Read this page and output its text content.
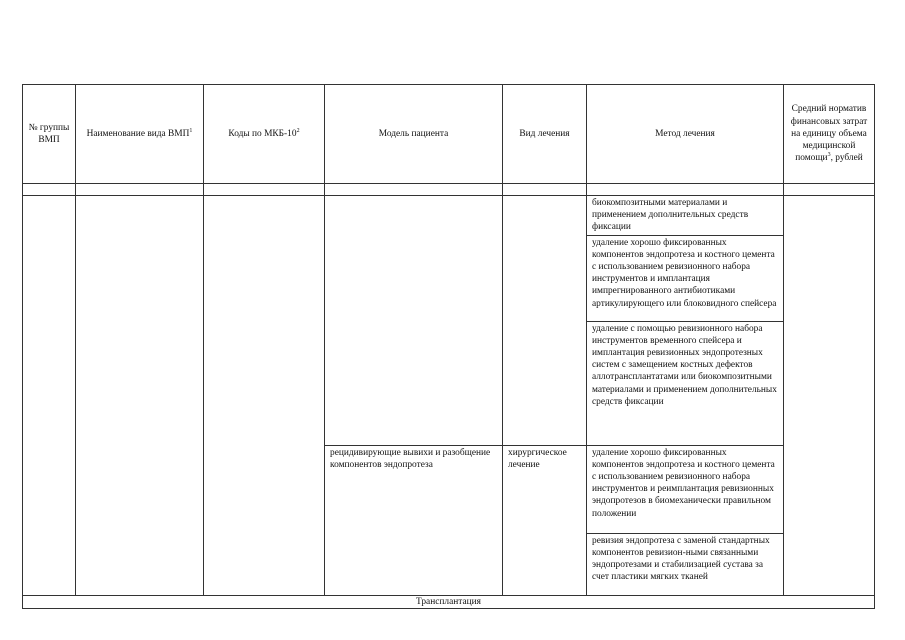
№ группы ВМП	Наименование вида ВМП$^1$	Коды по МКБ-$10^2$	Модель пациента	Вид лечения	Метод лечения	Средний норматив финансовых затрат на единицу объема медицинской помощи$^3$, рублей

					биокомпозитными материалами и применением дополнительных средств фиксации	

					удаление хорошо фиксированных компонентов эндопротеза и костного цемента с использованием ревизионного набора инструментов и имплантация импрегнированного антибиотиками артикулирующего или блоковидного спейсера	

					удаление с помощью ревизионного набора инструментов временного спейсера и имплантация ревизионных эндопротезных систем с замещением костных дефектов аллотрансплантатами или биокомпозитными материалами и применением дополнительных средств фиксации	

			рецидивирующие вывихи и разобщение компонентов эндопротеза	хирургическое лечение	удаление хорошо фиксированных компонентов эндопротеза и костного цемента с использованием ревизионного набора инструментов и реимплантация ревизионных эндопротезов в биомеханически правильном положении	

					ревизия эндопротеза с заменой стандартных компонентов ревизион-ными связанными эндопротезами и стабилизацией сустава за счет пластики мягких тканей	

Трансплантация						
